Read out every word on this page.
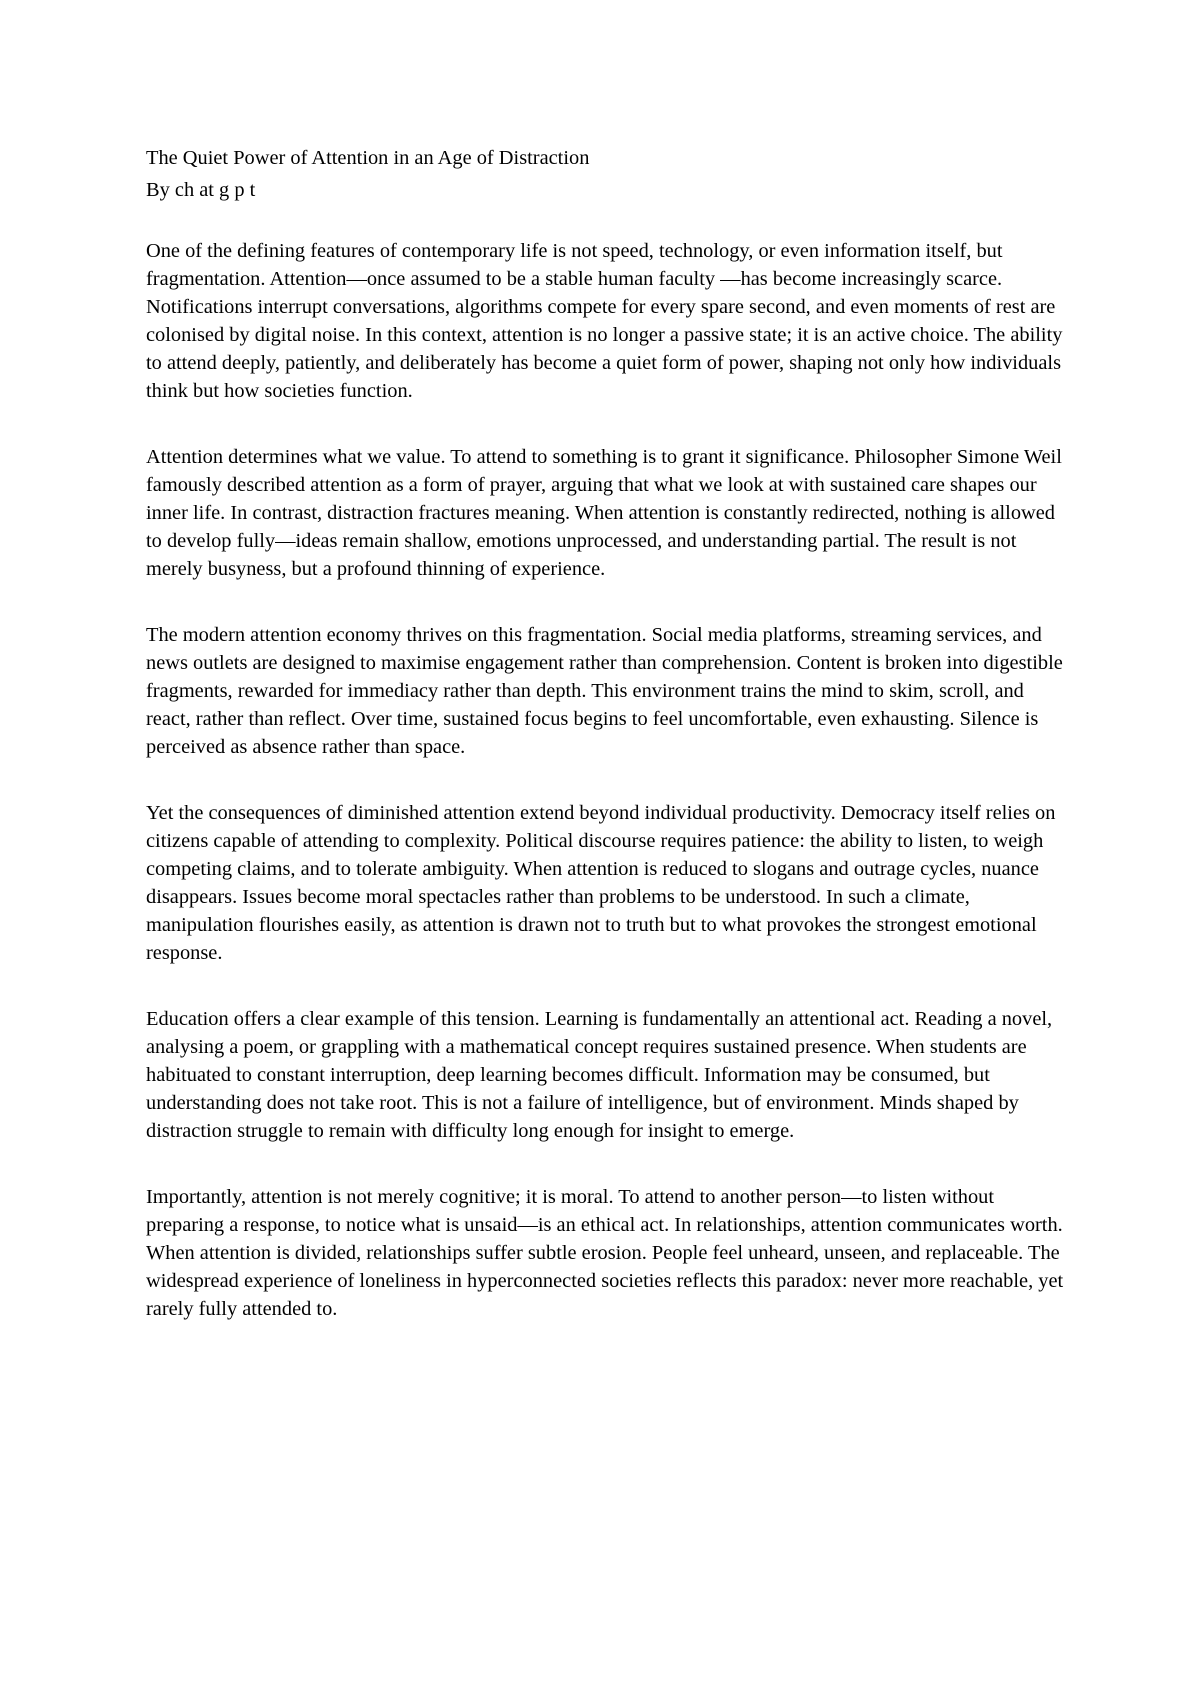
The Quiet Power of Attention in an Age of Distraction

By ch at g p t

One of the defining features of contemporary life is not speed, technology, or even information itself, but fragmentation. Attention—once assumed to be a stable human faculty —has become increasingly scarce. Notifications interrupt conversations, algorithms compete for every spare second, and even moments of rest are colonised by digital noise. In this context, attention is no longer a passive state; it is an active choice. The ability to attend deeply, patiently, and deliberately has become a quiet form of power, shaping not only how individuals think but how societies function.

Attention determines what we value. To attend to something is to grant it significance. Philosopher Simone Weil famously described attention as a form of prayer, arguing that what we look at with sustained care shapes our inner life. In contrast, distraction fractures meaning. When attention is constantly redirected, nothing is allowed to develop fully—ideas remain shallow, emotions unprocessed, and understanding partial. The result is not merely busyness, but a profound thinning of experience.

The modern attention economy thrives on this fragmentation. Social media platforms, streaming services, and news outlets are designed to maximise engagement rather than comprehension. Content is broken into digestible fragments, rewarded for immediacy rather than depth. This environment trains the mind to skim, scroll, and react, rather than reflect. Over time, sustained focus begins to feel uncomfortable, even exhausting. Silence is perceived as absence rather than space.

Yet the consequences of diminished attention extend beyond individual productivity. Democracy itself relies on citizens capable of attending to complexity. Political discourse requires patience: the ability to listen, to weigh competing claims, and to tolerate ambiguity. When attention is reduced to slogans and outrage cycles, nuance disappears. Issues become moral spectacles rather than problems to be understood. In such a climate, manipulation flourishes easily, as attention is drawn not to truth but to what provokes the strongest emotional response.

Education offers a clear example of this tension. Learning is fundamentally an attentional act. Reading a novel, analysing a poem, or grappling with a mathematical concept requires sustained presence. When students are habituated to constant interruption, deep learning becomes difficult. Information may be consumed, but understanding does not take root. This is not a failure of intelligence, but of environment. Minds shaped by distraction struggle to remain with difficulty long enough for insight to emerge.

Importantly, attention is not merely cognitive; it is moral. To attend to another person—to listen without preparing a response, to notice what is unsaid—is an ethical act. In relationships, attention communicates worth. When attention is divided, relationships suffer subtle erosion. People feel unheard, unseen, and replaceable. The widespread experience of loneliness in hyperconnected societies reflects this paradox: never more reachable, yet rarely fully attended to.
